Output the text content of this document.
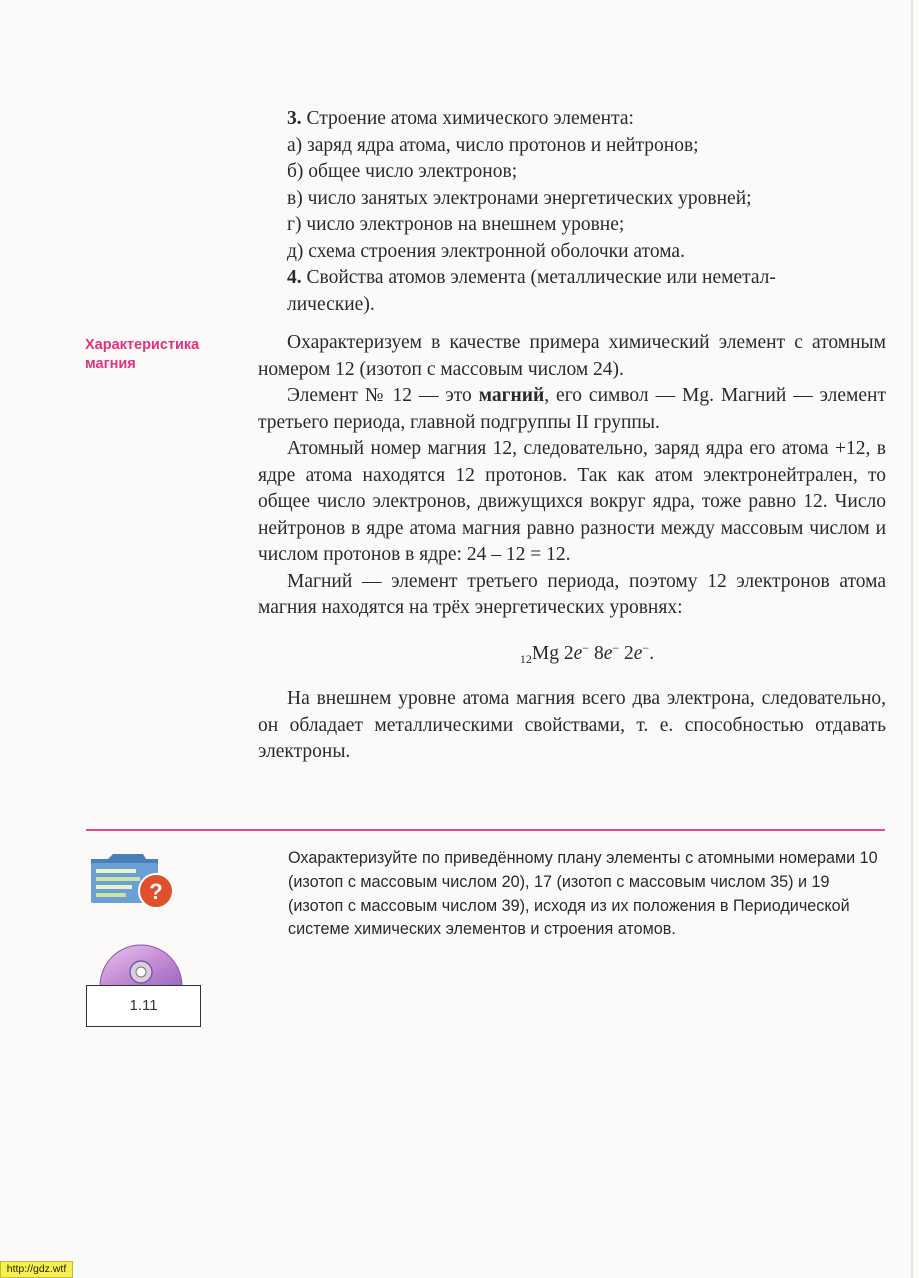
3. Строение атома химического элемента:

а) заряд ядра атома, число протонов и нейтронов;

б) общее число электронов;

в) число занятых электронами энергетических уровней;

г) число электронов на внешнем уровне;

д) схема строения электронной оболочки атома.

4. Свойства атомов элемента (металлические или неметал-

лические).

Характеристика
магния

Охарактеризуем в качестве примера химический элемент с атомным номером 12 (изотоп с массовым числом 24).

Элемент № 12 — это магний, его символ — Mg. Магний — элемент третьего периода, главной подгруппы II группы.

Атомный номер магния 12, следовательно, заряд ядра его атома +12, в ядре атома находятся 12 протонов. Так как атом электронейтрален, то общее число электронов, движущихся вокруг ядра, тоже равно 12. Число нейтронов в ядре атома магния равно разности между массовым числом и числом протонов в ядре: 24 – 12 = 12.

Магний — элемент третьего периода, поэтому 12 электронов атома магния находятся на трёх энергетических уровнях:

$_{12}$Mg 2e− 8e− 2e−.

На внешнем уровне атома магния всего два электрона, следовательно, он обладает металлическими свойствами, т. е. способностью отдавать электроны.

?
1.11
Охарактеризуйте по приведённому плану элементы с атомными номерами 10 (изотоп с массовым числом 20), 17 (изотоп с массовым числом 35) и 19 (изотоп с массовым числом 39), исходя из их положения в Периодической системе химических элементов и строения атомов.
http://gdz.wtf
